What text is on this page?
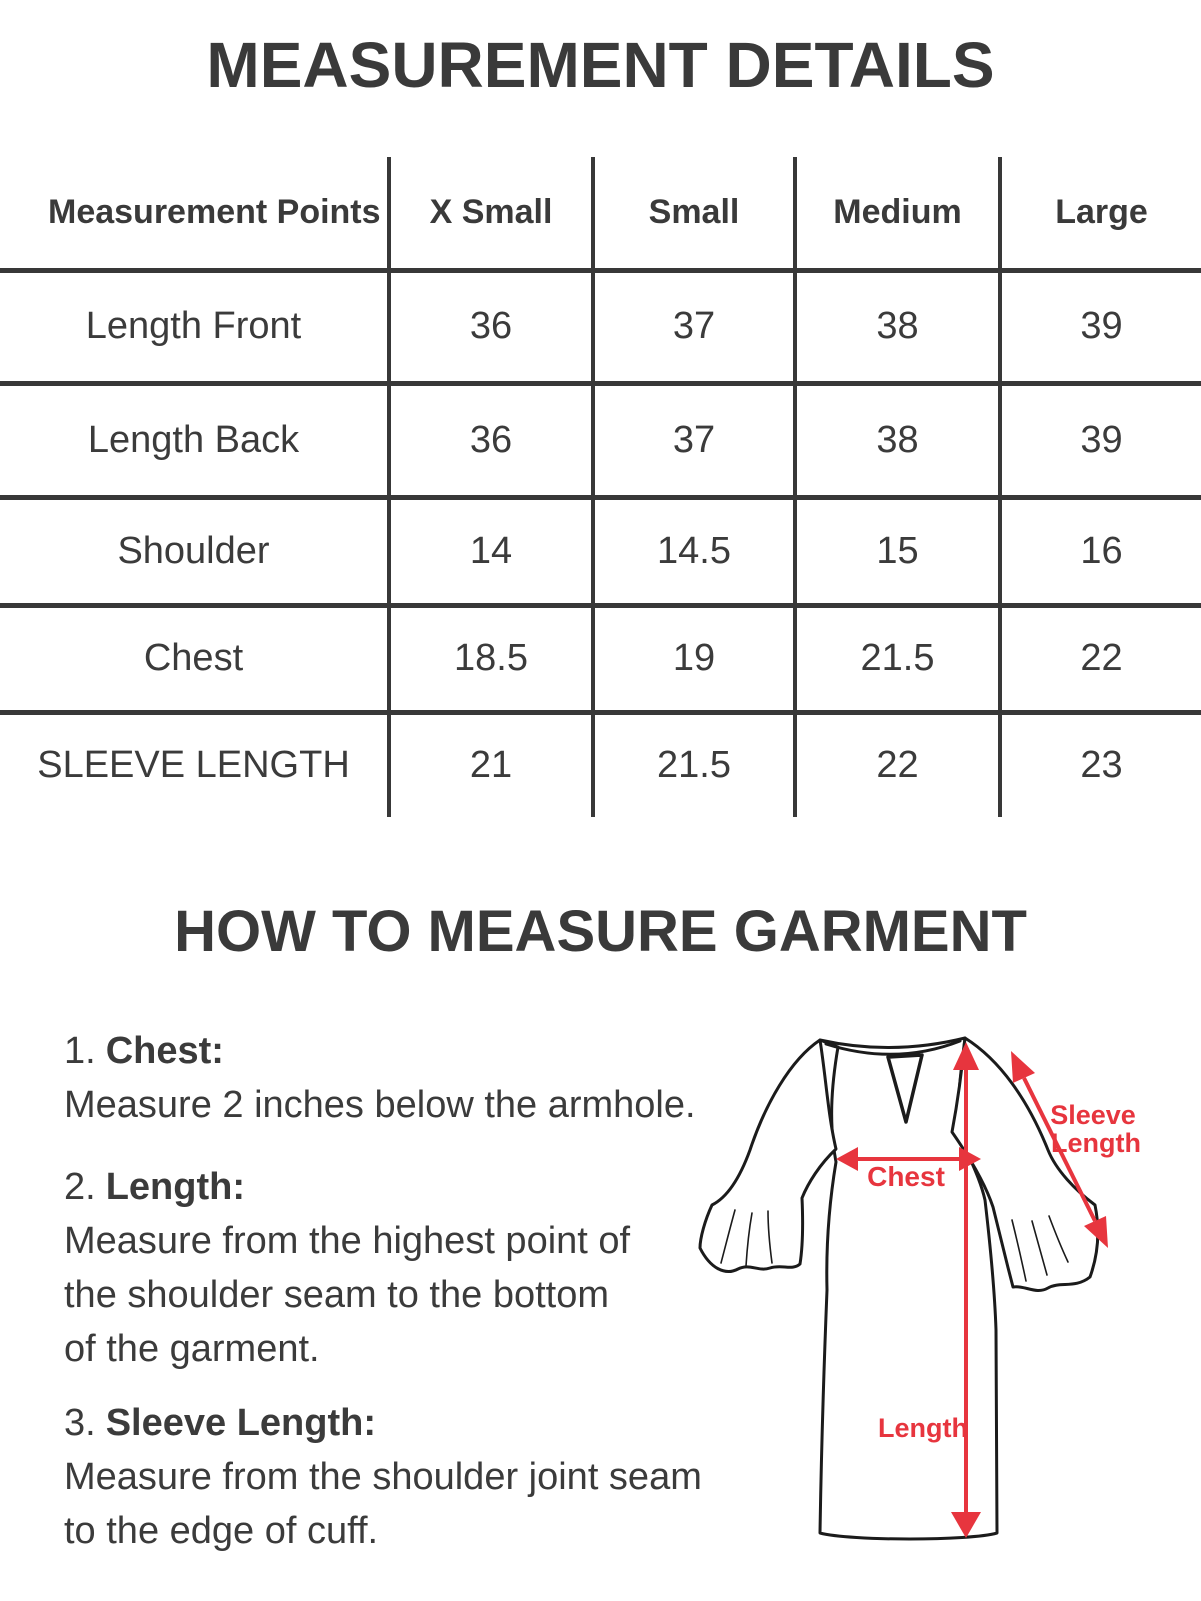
MEASUREMENT DETAILS
Measurement Points	X Small	Small	Medium	Large
Length Front	36	37	38	39
Length Back	36	37	38	39
Shoulder	14	14.5	15	16
Chest	18.5	19	21.5	22
SLEEVE LENGTH	21	21.5	22	23
HOW TO MEASURE GARMENT
1. Chest:
Measure 2 inches below the armhole.
2. Length:
Measure from the highest point of
the shoulder seam to the bottom
of the garment.
3. Sleeve Length:
Measure from the shoulder joint seam
to the edge of cuff.
Chest
Sleeve
Length
Length
